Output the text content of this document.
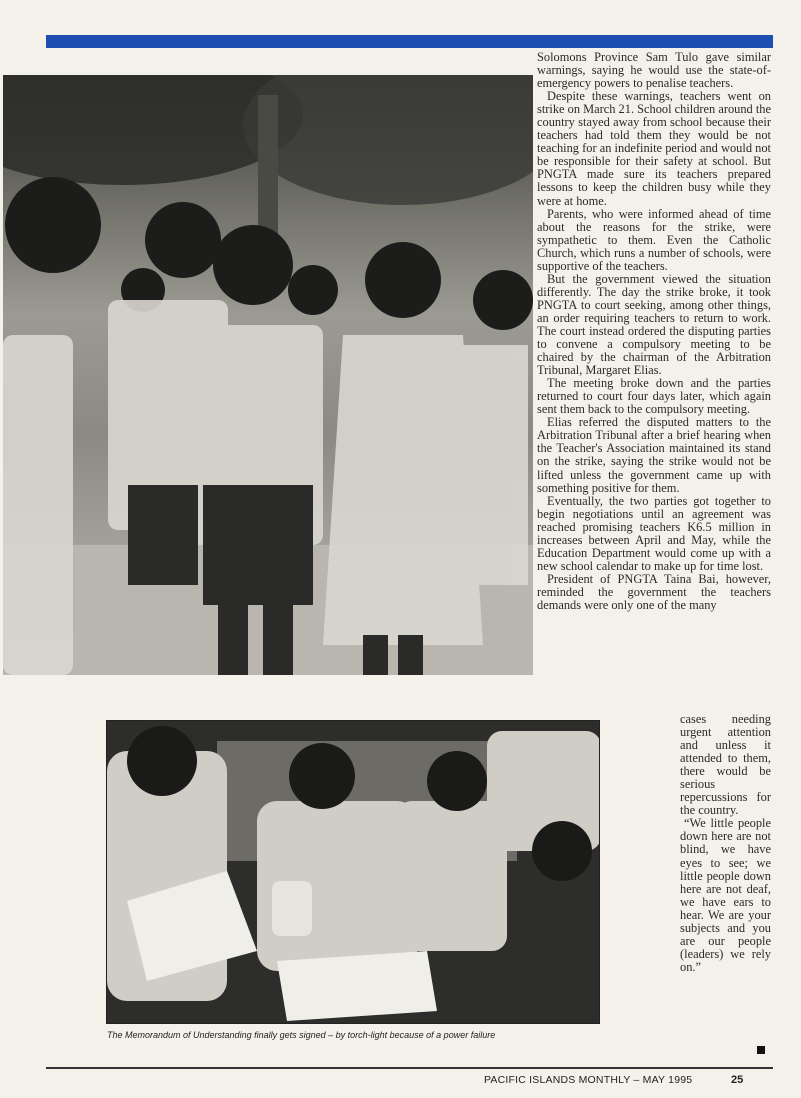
The Memorandum of Understanding finally gets signed – by torch-light because of a power failure

Solomons Province Sam Tulo gave similar warnings, saying he would use the state-of-emergency powers to penalise teachers.

Despite these warnings, teachers went on strike on March 21. School children around the country stayed away from school because their teachers had told them they would be not teaching for an indefinite period and would not be responsible for their safety at school. But PNGTA made sure its teachers prepared lessons to keep the children busy while they were at home.

Parents, who were informed ahead of time about the reasons for the strike, were sympathetic to them. Even the Catholic Church, which runs a number of schools, were supportive of the teachers.

But the government viewed the situation differently. The day the strike broke, it took PNGTA to court seeking, among other things, an order requiring teachers to return to work. The court instead ordered the disputing parties to convene a compulsory meeting to be chaired by the chairman of the Arbitration Tribunal, Margaret Elias.

The meeting broke down and the parties returned to court four days later, which again sent them back to the compulsory meeting.

Elias referred the disputed matters to the Arbitration Tribunal after a brief hearing when the Teacher's Association maintained its stand on the strike, saying the strike would not be lifted unless the government came up with something positive for them.

Eventually, the two parties got together to begin negotiations until an agreement was reached promising teachers K6.5 million in increases between April and May, while the Education Department would come up with a new school calendar to make up for time lost.

President of PNGTA Taina Bai, however, reminded the government the teachers demands were only one of the many

cases needing urgent attention and unless it attended to them, there would be serious repercussions for the country.

“We little people down here are not blind, we have eyes to see; we little people down here are not deaf, we have ears to hear. We are your subjects and you are our people (leaders) we rely on.”

PACIFIC ISLANDS MONTHLY – MAY 1995	25
